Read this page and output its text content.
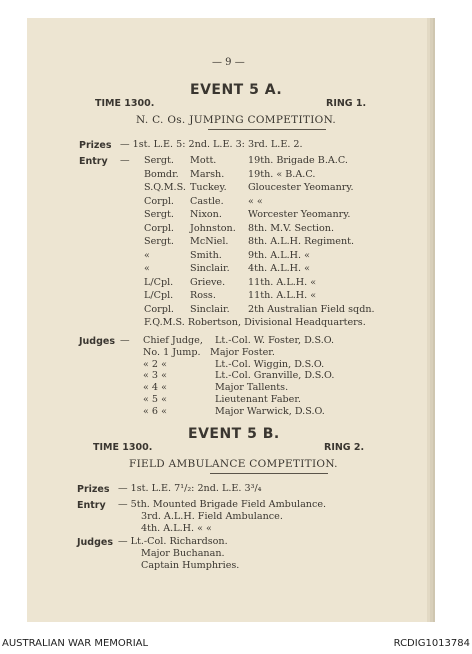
— 9 —
EVENT 5 A.
TIME 1300.	RING 1.
N. C. Os. JUMPING COMPETITION.
Prizes — 1st. L.E. 5: 2nd. L.E. 3: 3rd. L.E. 2.
Entry — Sergt. Mott.	19th. Brigade B.A.C.
Bomdr. Marsh. 19th. « B.A.C.
S.Q.M.S. Tuckey. Gloucester Yeomanry.
Corpl. Castle.	« «
Sergt. Nixon.	Worcester Yeomanry.
Corpl. Johnston. 8th. M.V. Section.
Sergt. McNiel. 8th. A.L.H. Regiment.
«	Smith.	9th. A.L.H. «
«	Sinclair. 4th. A.L.H. «
L/Cpl. Grieve. 11th. A.L.H. «
L/Cpl. Ross.	11th. A.L.H. «
Corpl. Sinclair. 2th Australian Field sqdn.
F.Q.M.S. Robertson, Divisional Headquarters.
Judges — Chief Judge, Lt.-Col. W. Foster, D.S.O.
No. 1 Jump. Major Foster.
« 2 «	Lt.-Col. Wiggin, D.S.O.
« 3 «	Lt.-Col. Granville, D.S.O.
« 4 «	Major Tallents.
« 5 «	Lieutenant Faber.
« 6 «	Major Warwick, D.S.O.
EVENT 5 B.
TIME 1300.	RING 2.
FIELD AMBULANCE COMPETITION.
Prizes — 1st. L.E. 7¹/₂: 2nd. L.E. 3³/₄
Entry — 5th. Mounted Brigade Field Ambulance.
3rd. A.L.H. Field Ambulance.
4th. A.L.H. « «
Judges — Lt.-Col. Richardson.
Major Buchanan.
Captain Humphries.
AUSTRALIAN WAR MEMORIAL	RCDIG1013784
